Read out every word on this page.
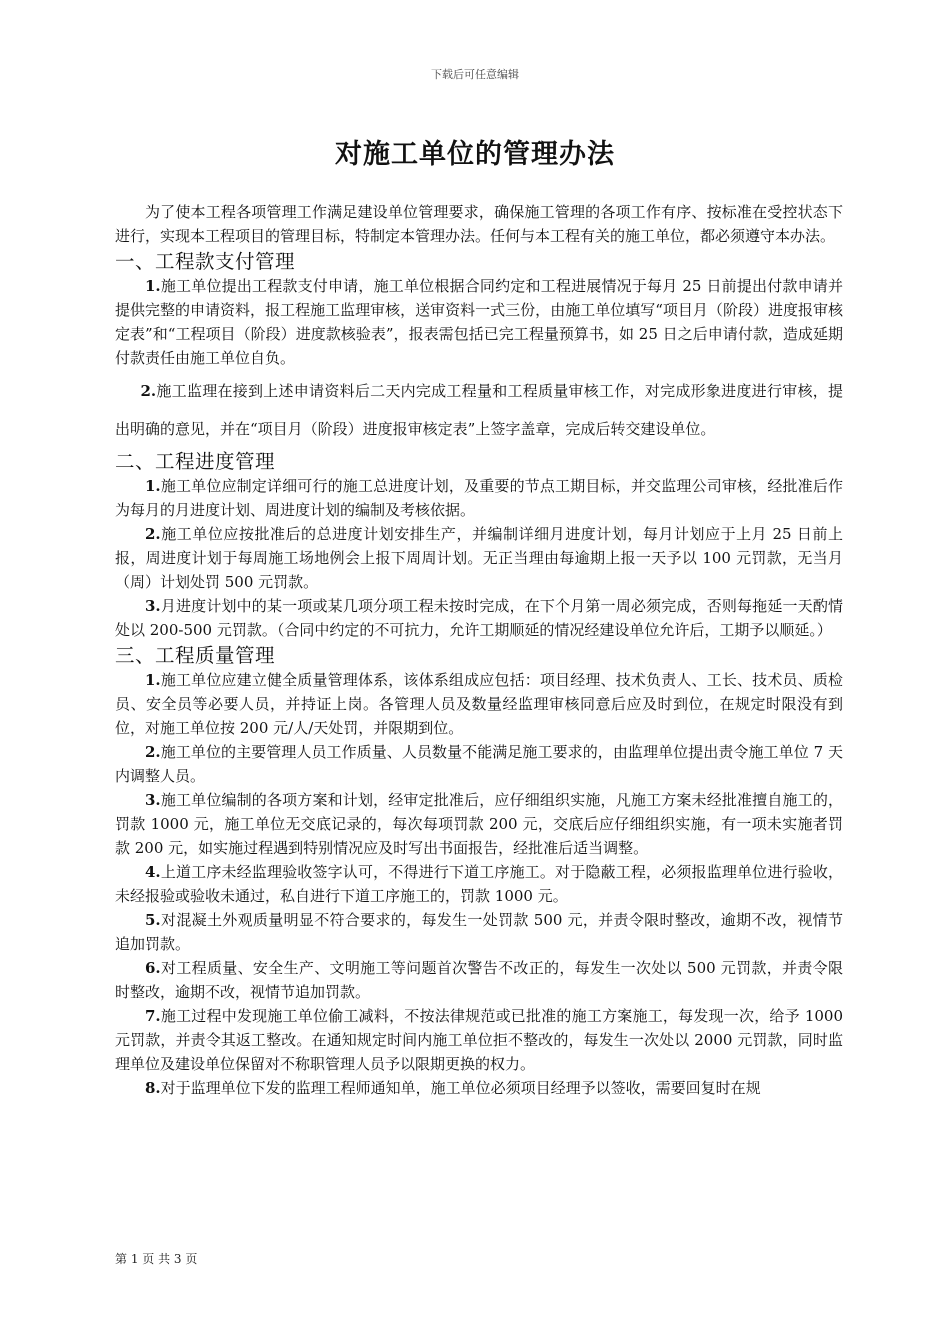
下载后可任意编辑
对施工单位的管理办法

为了使本工程各项管理工作满足建设单位管理要求，确保施工管理的各项工作有序、按标准在受控状态下进行，实现本工程项目的管理目标，特制定本管理办法。任何与本工程有关的施工单位，都必须遵守本办法。

一、工程款支付管理

1.施工单位提出工程款支付申请，施工单位根据合同约定和工程进展情况于每月 25 日前提出付款申请并提供完整的申请资料，报工程施工监理审核，送审资料一式三份，由施工单位填写“项目月（阶段）进度报审核定表”和“工程项目（阶段）进度款核验表”，报表需包括已完工程量预算书，如 25 日之后申请付款，造成延期付款责任由施工单位自负。

2.施工监理在接到上述申请资料后二天内完成工程量和工程质量审核工作，对完成形象进度进行审核，提出明确的意见，并在“项目月（阶段）进度报审核定表”上签字盖章，完成后转交建设单位。

二、工程进度管理

1.施工单位应制定详细可行的施工总进度计划，及重要的节点工期目标，并交监理公司审核，经批准后作为每月的月进度计划、周进度计划的编制及考核依据。

2.施工单位应按批准后的总进度计划安排生产，并编制详细月进度计划，每月计划应于上月 25 日前上报，周进度计划于每周施工场地例会上报下周周计划。无正当理由每逾期上报一天予以 100 元罚款，无当月（周）计划处罚 500 元罚款。

3.月进度计划中的某一项或某几项分项工程未按时完成，在下个月第一周必须完成，否则每拖延一天酌情处以 200-500 元罚款。（合同中约定的不可抗力，允许工期顺延的情况经建设单位允许后，工期予以顺延。）

三、工程质量管理

1.施工单位应建立健全质量管理体系，该体系组成应包括：项目经理、技术负责人、工长、技术员、质检员、安全员等必要人员，并持证上岗。各管理人员及数量经监理审核同意后应及时到位，在规定时限没有到位，对施工单位按 200 元/人/天处罚，并限期到位。

2.施工单位的主要管理人员工作质量、人员数量不能满足施工要求的，由监理单位提出责令施工单位 7 天内调整人员。

3.施工单位编制的各项方案和计划，经审定批准后，应仔细组织实施，凡施工方案未经批准擅自施工的，罚款 1000 元，施工单位无交底记录的，每次每项罚款 200 元，交底后应仔细组织实施，有一项未实施者罚款 200 元，如实施过程遇到特别情况应及时写出书面报告，经批准后适当调整。

4.上道工序未经监理验收签字认可，不得进行下道工序施工。对于隐蔽工程，必须报监理单位进行验收，未经报验或验收未通过，私自进行下道工序施工的，罚款 1000 元。

5.对混凝土外观质量明显不符合要求的，每发生一处罚款 500 元，并责令限时整改，逾期不改，视情节追加罚款。

6.对工程质量、安全生产、文明施工等问题首次警告不改正的，每发生一次处以 500 元罚款，并责令限时整改，逾期不改，视情节追加罚款。

7.施工过程中发现施工单位偷工减料，不按法律规范或已批准的施工方案施工，每发现一次，给予 1000 元罚款，并责令其返工整改。在通知规定时间内施工单位拒不整改的，每发生一次处以 2000 元罚款，同时监理单位及建设单位保留对不称职管理人员予以限期更换的权力。

8.对于监理单位下发的监理工程师通知单，施工单位必须项目经理予以签收，需要回复时在规

第 1 页 共 3 页
